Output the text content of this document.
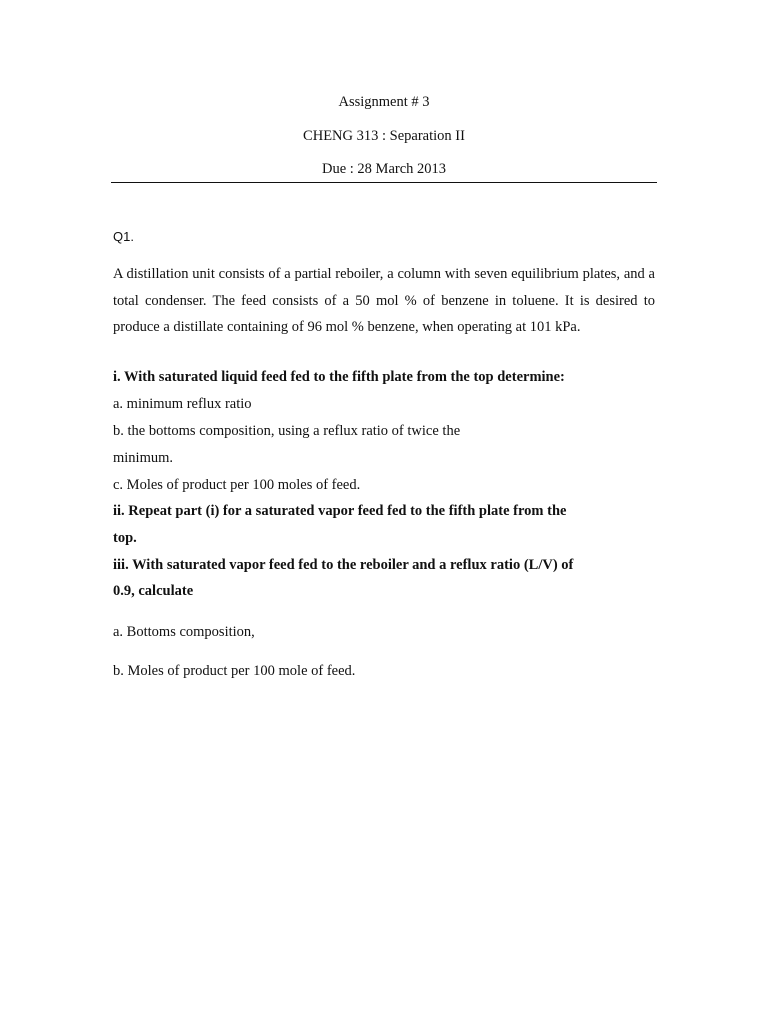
Assignment # 3
CHENG 313 : Separation II
Due : 28 March 2013
Q1.
A distillation unit consists of a partial reboiler, a column with seven equilibrium plates, and a total condenser. The feed consists of a 50 mol % of benzene in toluene. It is desired to produce a distillate containing of 96 mol % benzene, when operating at 101 kPa.
i. With saturated liquid feed fed to the fifth plate from the top determine:
a. minimum reflux ratio
b. the bottoms composition, using a reflux ratio of twice the
minimum.
c. Moles of product per 100 moles of feed.
ii. Repeat part (i) for a saturated vapor feed fed to the fifth plate from the
top.
iii. With saturated vapor feed fed to the reboiler and a reflux ratio (L/V) of
0.9, calculate
a. Bottoms composition,
b. Moles of product per 100 mole of feed.
